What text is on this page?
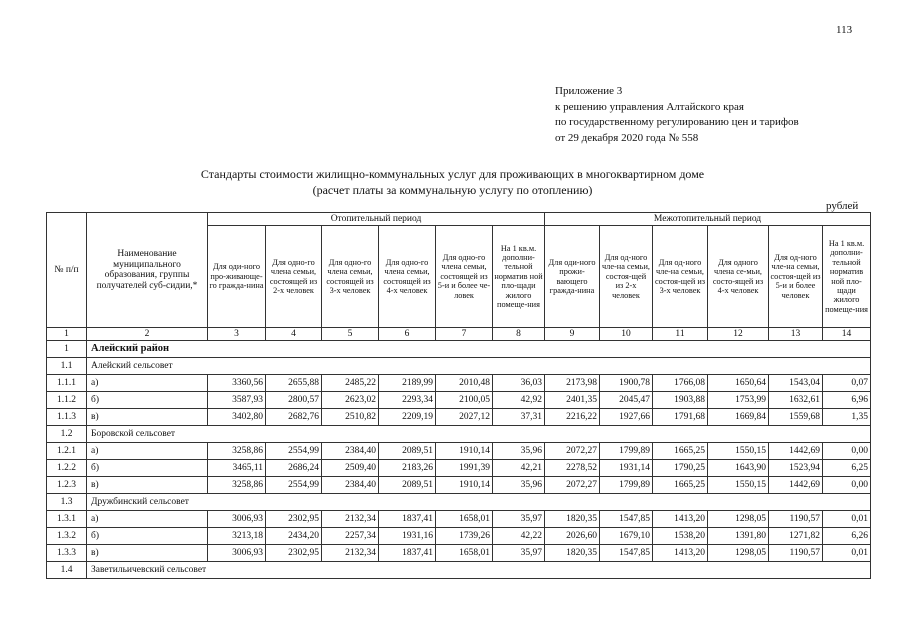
113
Приложение 3
к решению управления Алтайского края
по государственному регулированию цен и тарифов
от 29 декабря 2020 года № 558
Стандарты стоимости жилищно-коммунальных услуг для проживающих в многоквартирном доме
(расчет платы за коммунальную услугу по отоплению)
рублей
№ п/п	Наименование муниципального образования, группы получателей суб-сидии,*	Отопительный период						Межотопительный период					
		Для оди-ного про-живающе-го гражда-нина	Для одно-го члена семьи, состоящей из 2-х человек	Для одно-го члена семьи, состоящей из 3-х человек	Для одно-го члена семьи, состоящей из 4-х человек	Для одно-го члена семьи, состоящей из 5-и и более че-ловек	На 1 кв.м. дополни-тельной норматив ной пло-щади жилого помеще-ния	Для оди-ного прожи-вающего гражда-нина	Для од-ного чле-на семьи, состоя-щей из 2-х человек	Для од-ного чле-на семьи, состоя-щей из 3-х человек	Для одного члена се-мьи, состо-ящей из 4-х человек	Для од-ного чле-на семьи, состоя-щей из 5-и и более человек	На 1 кв.м. дополни-тельной норматив ной пло-щади жилого помеще-ния
1	2	3	4	5	6	7	8	9	10	11	12	13	14
1	Алейский район												
1.1	Алейский сельсовет												
1.1.1	а)	3360,56	2655,88	2485,22	2189,99	2010,48	36,03	2173,98	1900,78	1766,08	1650,64	1543,04	0,07
1.1.2	б)	3587,93	2800,57	2623,02	2293,34	2100,05	42,92	2401,35	2045,47	1903,88	1753,99	1632,61	6,96
1.1.3	в)	3402,80	2682,76	2510,82	2209,19	2027,12	37,31	2216,22	1927,66	1791,68	1669,84	1559,68	1,35
1.2	Боровской сельсовет												
1.2.1	а)	3258,86	2554,99	2384,40	2089,51	1910,14	35,96	2072,27	1799,89	1665,25	1550,15	1442,69	0,00
1.2.2	б)	3465,11	2686,24	2509,40	2183,26	1991,39	42,21	2278,52	1931,14	1790,25	1643,90	1523,94	6,25
1.2.3	в)	3258,86	2554,99	2384,40	2089,51	1910,14	35,96	2072,27	1799,89	1665,25	1550,15	1442,69	0,00
1.3	Дружбинский сельсовет												
1.3.1	а)	3006,93	2302,95	2132,34	1837,41	1658,01	35,97	1820,35	1547,85	1413,20	1298,05	1190,57	0,01
1.3.2	б)	3213,18	2434,20	2257,34	1931,16	1739,26	42,22	2026,60	1679,10	1538,20	1391,80	1271,82	6,26
1.3.3	в)	3006,93	2302,95	2132,34	1837,41	1658,01	35,97	1820,35	1547,85	1413,20	1298,05	1190,57	0,01
1.4	Заветильичевский сельсовет												
